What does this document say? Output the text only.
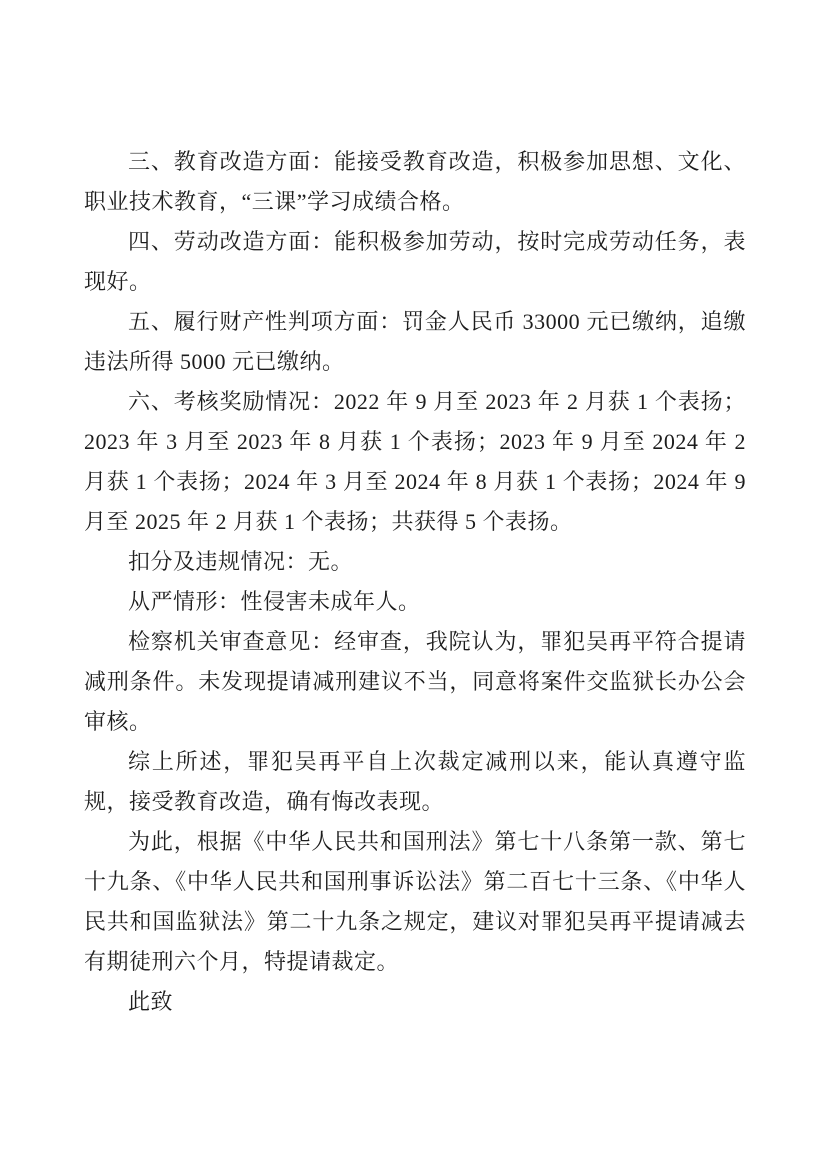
三、教育改造方面：能接受教育改造，积极参加思想、文化、职业技术教育，“三课”学习成绩合格。

四、劳动改造方面：能积极参加劳动，按时完成劳动任务，表现好。

五、履行财产性判项方面：罚金人民币 33000 元已缴纳，追缴违法所得 5000 元已缴纳。

六、考核奖励情况：2022 年 9 月至 2023 年 2 月获 1 个表扬；2023 年 3 月至 2023 年 8 月获 1 个表扬；2023 年 9 月至 2024 年 2 月获 1 个表扬；2024 年 3 月至 2024 年 8 月获 1 个表扬；2024 年 9 月至 2025 年 2 月获 1 个表扬；共获得 5 个表扬。

扣分及违规情况：无。

从严情形：性侵害未成年人。

检察机关审查意见：经审查，我院认为，罪犯吴再平符合提请减刑条件。未发现提请减刑建议不当，同意将案件交监狱长办公会审核。

综上所述，罪犯吴再平自上次裁定减刑以来，能认真遵守监规，接受教育改造，确有悔改表现。

为此，根据《中华人民共和国刑法》第七十八条第一款、第七十九条、《中华人民共和国刑事诉讼法》第二百七十三条、《中华人民共和国监狱法》第二十九条之规定，建议对罪犯吴再平提请减去有期徒刑六个月，特提请裁定。

此致
